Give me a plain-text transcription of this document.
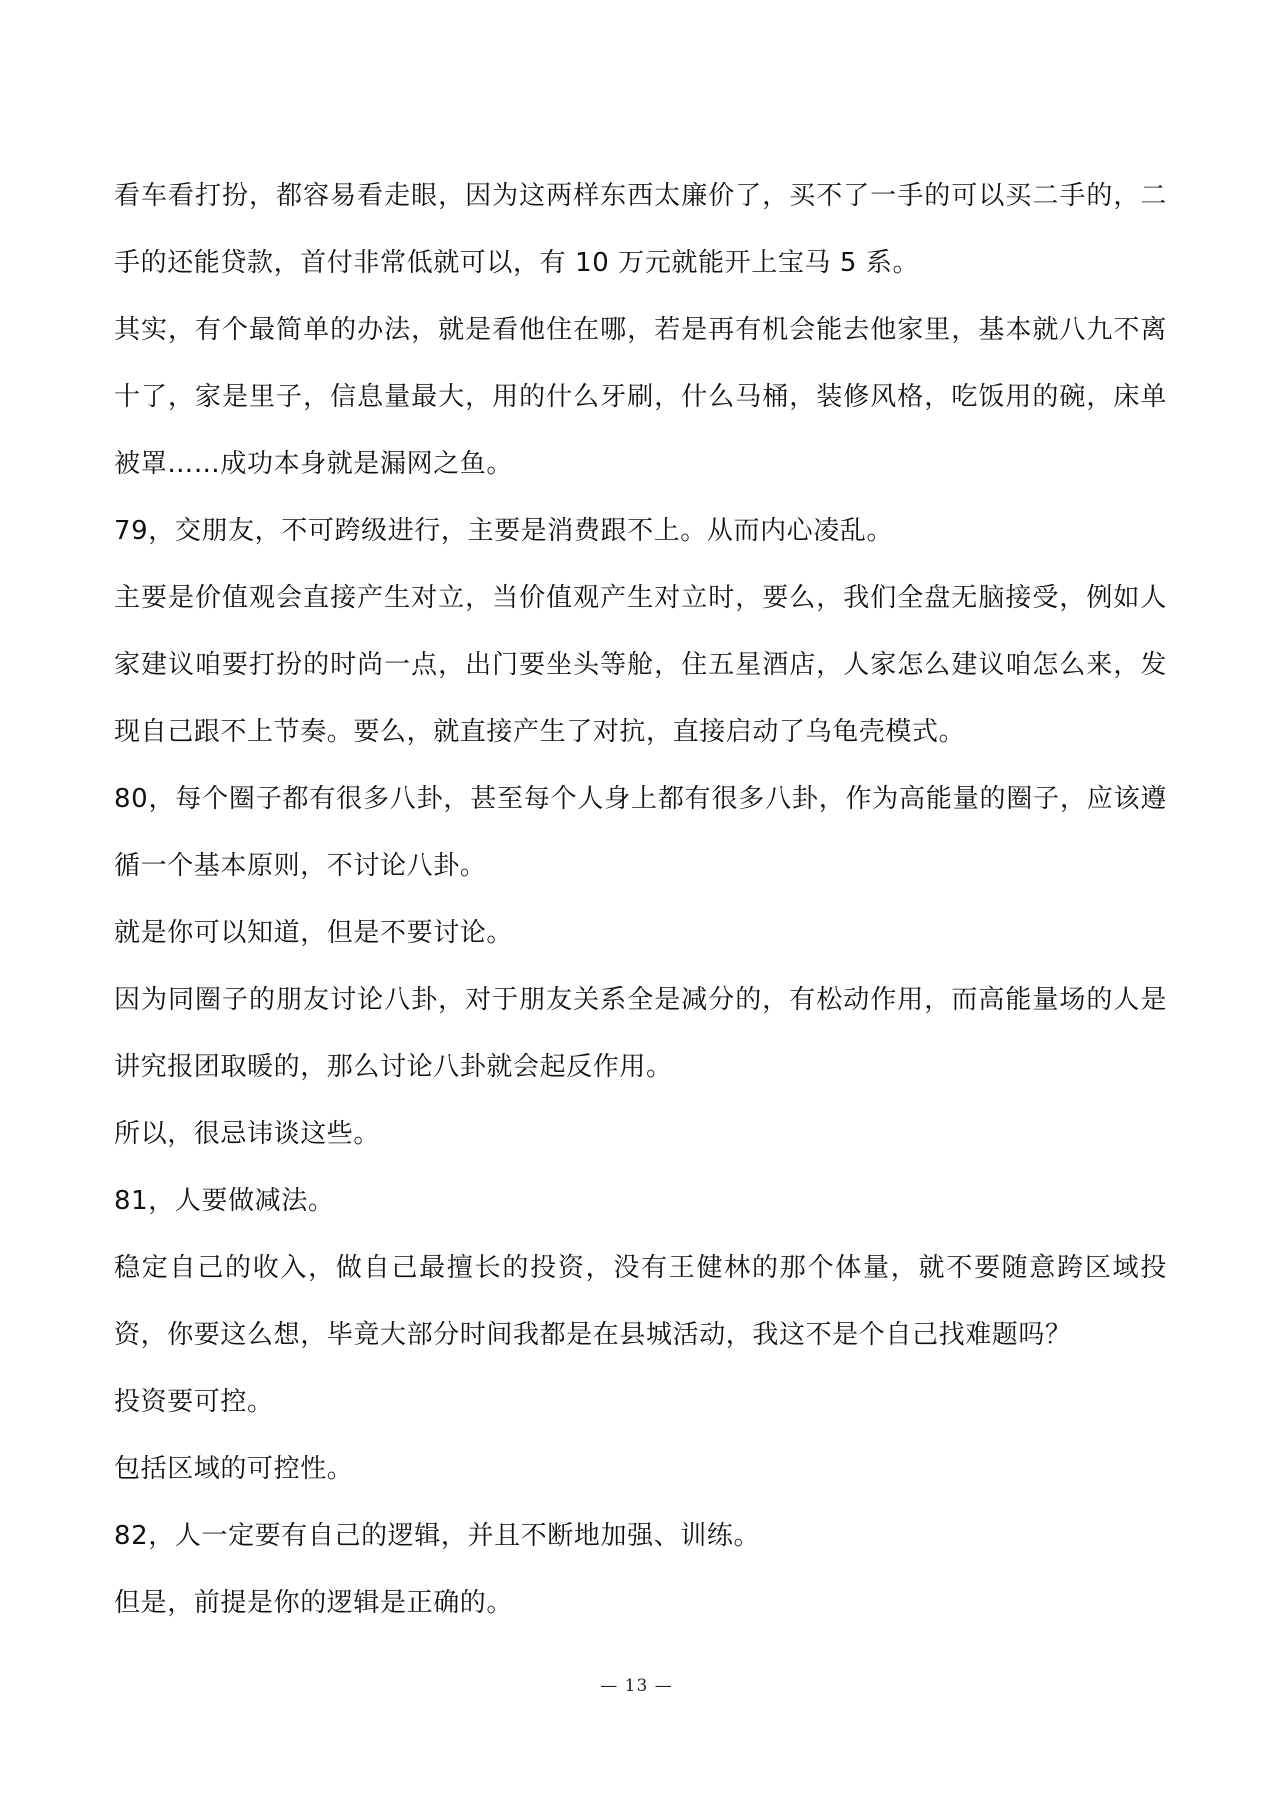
看车看打扮，都容易看走眼，因为这两样东西太廉价了，买不了一手的可以买二手的，二手的还能贷款，首付非常低就可以，有 10 万元就能开上宝马 5 系。

其实，有个最简单的办法，就是看他住在哪，若是再有机会能去他家里，基本就八九不离十了，家是里子，信息量最大，用的什么牙刷，什么马桶，装修风格，吃饭用的碗，床单被罩……成功本身就是漏网之鱼。

79，交朋友，不可跨级进行，主要是消费跟不上。从而内心凌乱。

主要是价值观会直接产生对立，当价值观产生对立时，要么，我们全盘无脑接受，例如人家建议咱要打扮的时尚一点，出门要坐头等舱，住五星酒店，人家怎么建议咱怎么来，发现自己跟不上节奏。要么，就直接产生了对抗，直接启动了乌龟壳模式。

80，每个圈子都有很多八卦，甚至每个人身上都有很多八卦，作为高能量的圈子，应该遵循一个基本原则，不讨论八卦。

就是你可以知道，但是不要讨论。

因为同圈子的朋友讨论八卦，对于朋友关系全是减分的，有松动作用，而高能量场的人是讲究报团取暖的，那么讨论八卦就会起反作用。

所以，很忌讳谈这些。

81，人要做减法。

稳定自己的收入，做自己最擅长的投资，没有王健林的那个体量，就不要随意跨区域投资，你要这么想，毕竟大部分时间我都是在县城活动，我这不是个自己找难题吗？

投资要可控。

包括区域的可控性。

82，人一定要有自己的逻辑，并且不断地加强、训练。

但是，前提是你的逻辑是正确的。

— 13 —
